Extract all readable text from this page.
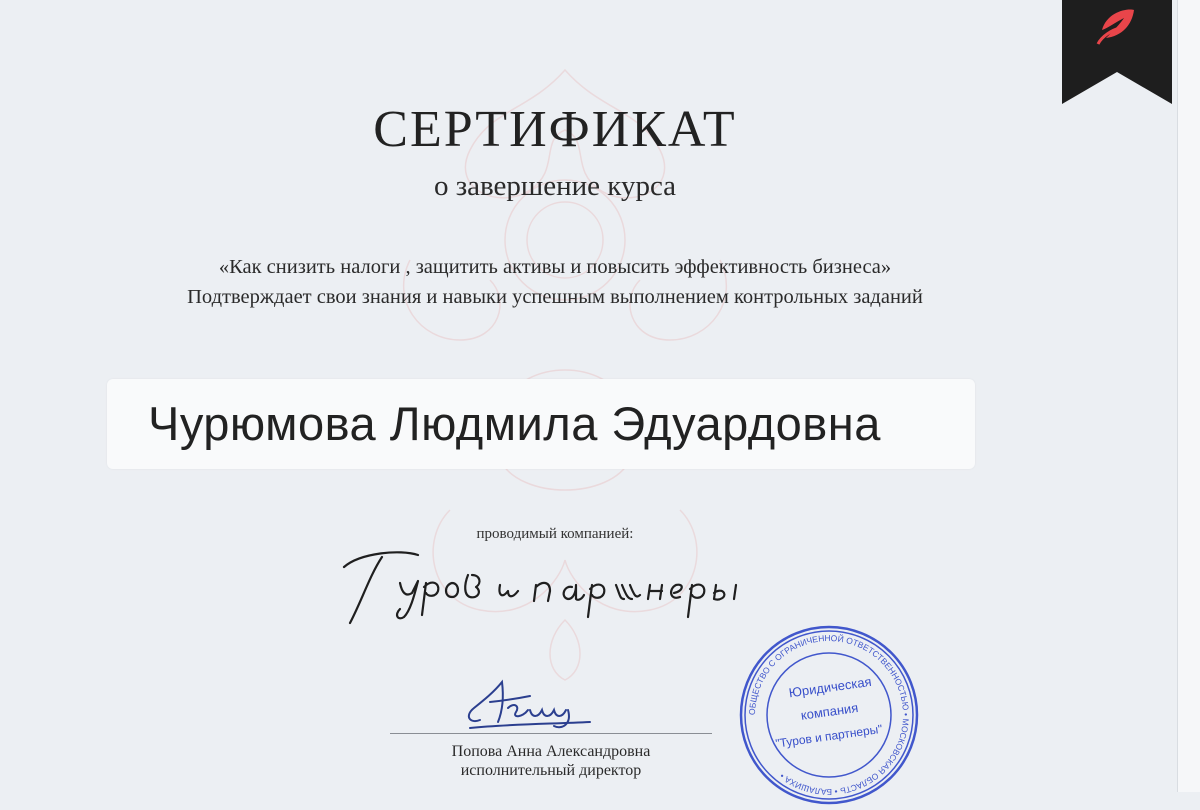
СЕРТИФИКАТ
о завершение курса
«Как снизить налоги , защитить активы и повысить эффективность бизнеса»
Подтверждает свои знания и навыки успешным выполнением контрольных заданий
Чурюмова Людмила Эдуардовна
проводимый компанией:
Попова Анна Александровна
исполнительный директор
ОБЩЕСТВО С ОГРАНИЧЕННОЙ ОТВЕТСТВЕННОСТЬЮ • МОСКОВСКАЯ ОБЛАСТЬ • БАЛАШИХА •
Юридическая
компания
"Туров и партнеры"
